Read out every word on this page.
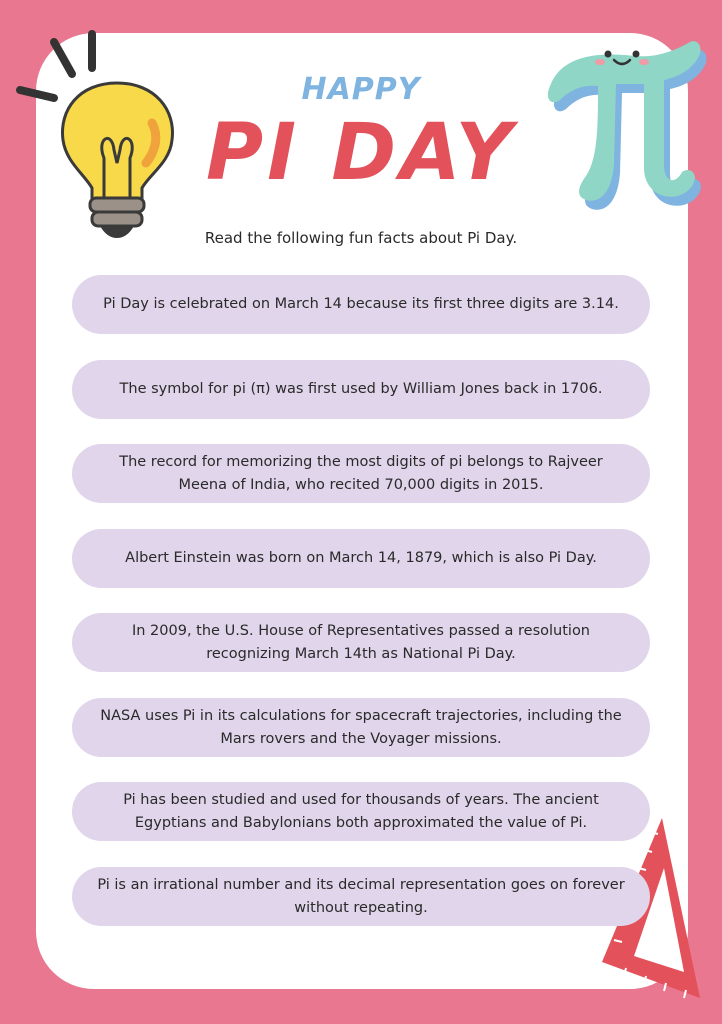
HAPPY
PI DAY
Read the following fun facts about Pi Day.
Pi Day is celebrated on March 14 because its first three digits are 3.14.
The symbol for pi (π) was first used by William Jones back in 1706.
The record for memorizing the most digits of pi belongs to Rajveer Meena of India, who recited 70,000 digits in 2015.
Albert Einstein was born on March 14, 1879, which is also Pi Day.
In 2009, the U.S. House of Representatives passed a resolution recognizing March 14th as National Pi Day.
NASA uses Pi in its calculations for spacecraft trajectories, including the Mars rovers and the Voyager missions.
Pi has been studied and used for thousands of years. The ancient Egyptians and Babylonians both approximated the value of Pi.
Pi is an irrational number and its decimal representation goes on forever without repeating.
